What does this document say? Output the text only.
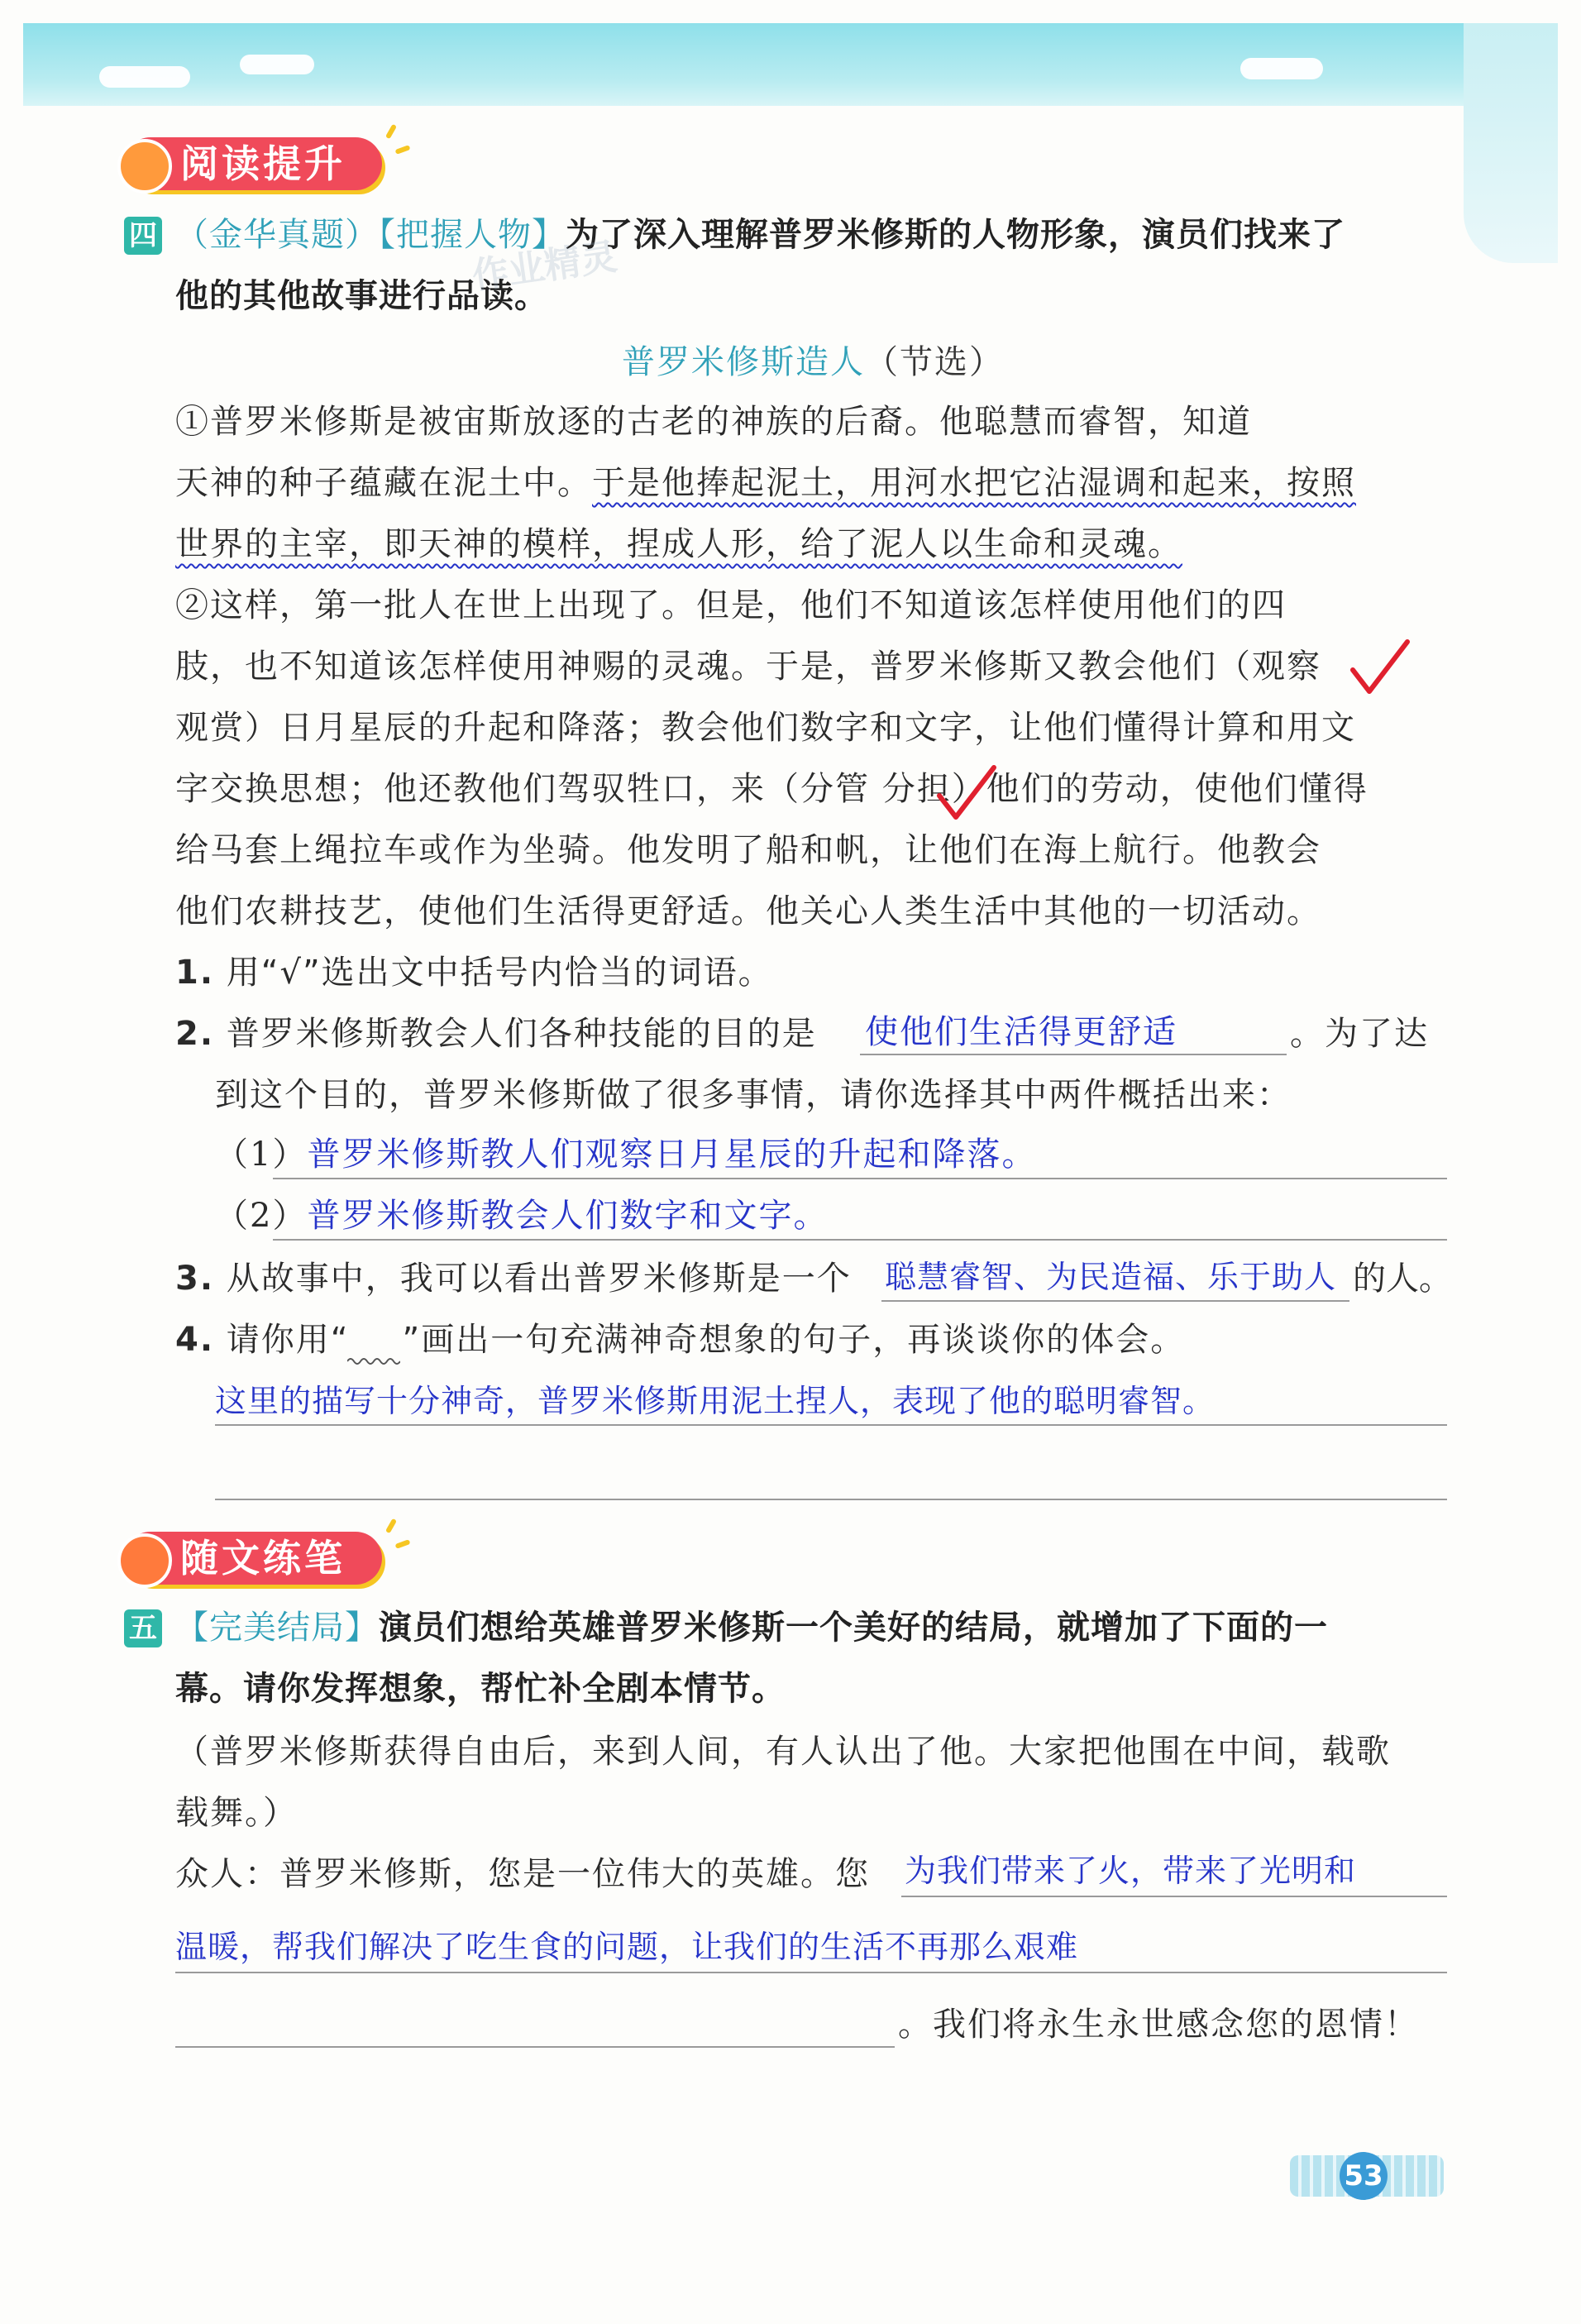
阅读提升
四 （金华真题）【把握人物】为了深入理解普罗米修斯的人物形象，演员们找来了
他的其他故事进行品读。
作业精灵
普罗米修斯造人（节选）
①普罗米修斯是被宙斯放逐的古老的神族的后裔。他聪慧而睿智，知道
天神的种子蕴藏在泥土中。于是他捧起泥土，用河水把它沾湿调和起来，按照
世界的主宰，即天神的模样，捏成人形，给了泥人以生命和灵魂。
②这样，第一批人在世上出现了。但是，他们不知道该怎样使用他们的四
肢，也不知道该怎样使用神赐的灵魂。于是，普罗米修斯又教会他们（观察
观赏）日月星辰的升起和降落；教会他们数字和文字，让他们懂得计算和用文
字交换思想；他还教他们驾驭牲口，来（分管 分担）他们的劳动，使他们懂得
给马套上绳拉车或作为坐骑。他发明了船和帆，让他们在海上航行。他教会
他们农耕技艺，使他们生活得更舒适。他关心人类生活中其他的一切活动。
1. 用“√”选出文中括号内恰当的词语。
2. 普罗米修斯教会人们各种技能的目的是 使他们生活得更舒适	。为了达
到这个目的，普罗米修斯做了很多事情，请你选择其中两件概括出来：
（1）普罗米修斯教人们观察日月星辰的升起和降落。
（2）普罗米修斯教会人们数字和文字。
3. 从故事中，我可以看出普罗米修斯是一个 聪慧睿智、为民造福、乐于助人 的人。
4. 请你用“ ”画出一句充满神奇想象的句子，再谈谈你的体会。
这里的描写十分神奇，普罗米修斯用泥土捏人，表现了他的聪明睿智。
随文练笔
五 【完美结局】演员们想给英雄普罗米修斯一个美好的结局，就增加了下面的一
幕。请你发挥想象，帮忙补全剧本情节。
（普罗米修斯获得自由后，来到人间，有人认出了他。大家把他围在中间，载歌
载舞。）
众人：普罗米修斯，您是一位伟大的英雄。您 为我们带来了火，带来了光明和
温暖，帮我们解决了吃生食的问题，让我们的生活不再那么艰难
。我们将永生永世感念您的恩情！
53
